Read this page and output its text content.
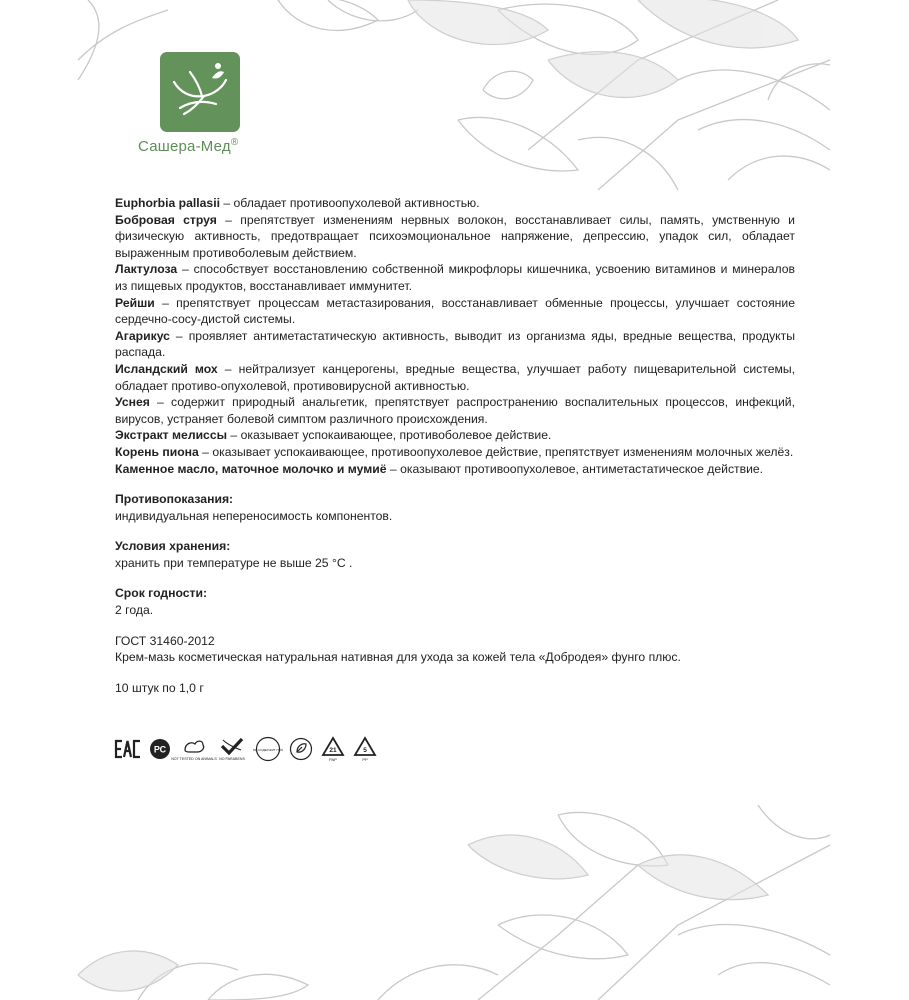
Сашера-Мед®

Euphorbia pallasii – обладает противоопухолевой активностью.

Бобровая струя – препятствует изменениям нервных волокон, восстанавливает силы, память, умственную и физическую активность, предотвращает психоэмоциональное напряжение, депрессию, упадок сил, обладает выраженным противоболевым действием.

Лактулоза – способствует восстановлению собственной микрофлоры кишечника, усвоению витаминов и минералов из пищевых продуктов, восстанавливает иммунитет.

Рейши – препятствует процессам метастазирования, восстанавливает обменные процессы, улучшает состояние сердечно-сосу-дистой системы.

Агарикус – проявляет антиметастатическую активность, выводит из организма яды, вредные вещества, продукты распада.

Исландский мох – нейтрализует канцерогены, вредные вещества, улучшает работу пищеварительной системы, обладает противо-опухолевой, противовирусной активностью.

Уснея – содержит природный анальгетик, препятствует распространению воспалительных процессов, инфекций, вирусов, устраняет болевой симптом различного происхождения.

Экстракт мелиссы – оказывает успокаивающее, противоболевое действие.

Корень пиона – оказывает успокаивающее, противоопухолевое действие, препятствует изменениям молочных желёз.

Каменное масло, маточное молочко и мумиё – оказывают противоопухолевое, антиметастатическое действие.

Противопоказания:

индивидуальная непереносимость компонентов.

Условия хранения:

хранить при температуре не выше 25 °С .

Срок годности:

2 года.

ГОСТ 31460-2012

Крем-мазь косметическая натуральная нативная для ухода за кожей тела «Добродея» фунго плюс.

10 штук по 1,0 г
РС
NOT TESTED ON ANIMALS NO PARABENS
НЕ СОДЕРЖИТ ГМО	21
PAP
5
PP
